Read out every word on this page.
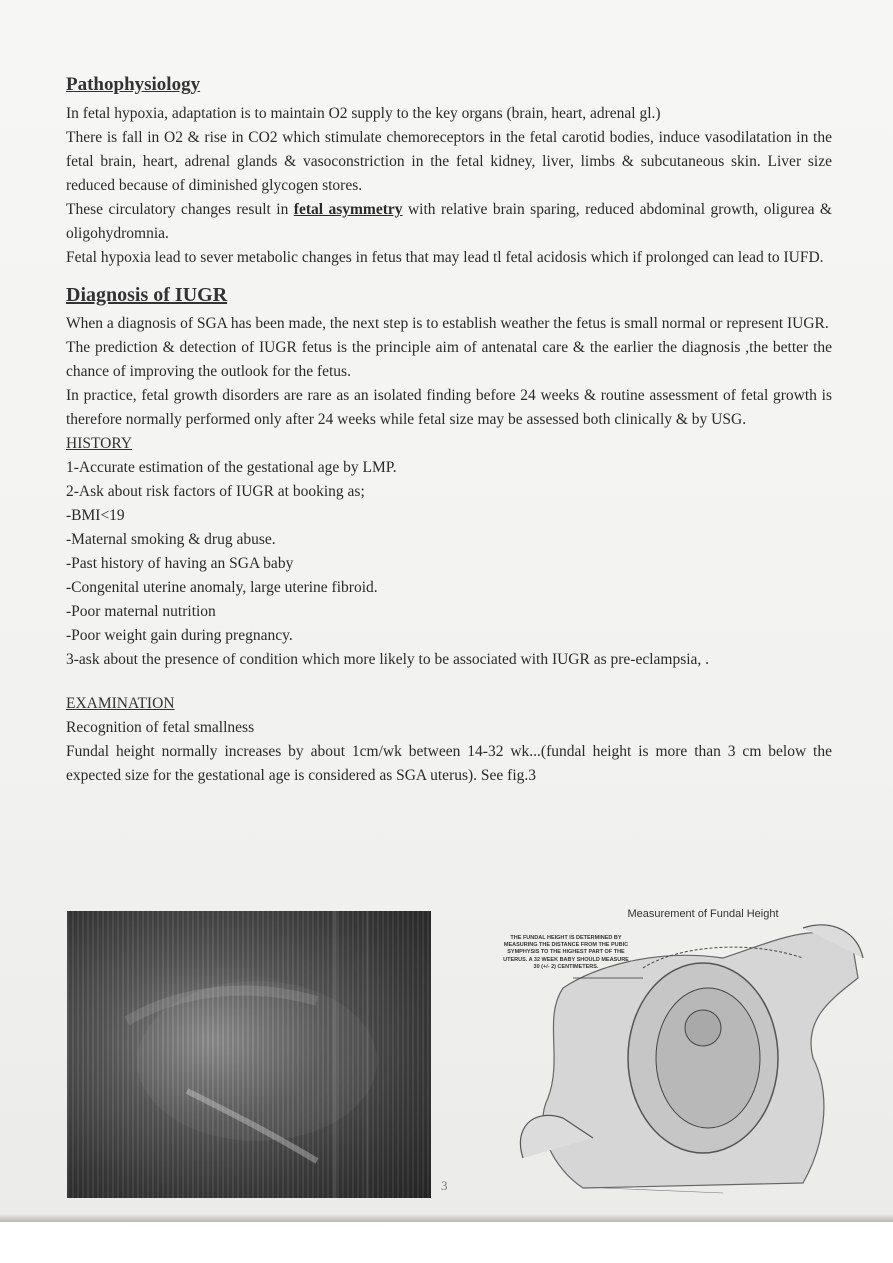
Pathophysiology

In fetal hypoxia, adaptation is to maintain O2 supply to the key organs (brain, heart, adrenal gl.)

There is fall in O2 & rise in CO2 which stimulate chemoreceptors in the fetal carotid bodies, induce vasodilatation in the fetal brain, heart, adrenal glands & vasoconstriction in the fetal kidney, liver, limbs & subcutaneous skin. Liver size reduced because of diminished glycogen stores.

These circulatory changes result in fetal asymmetry with relative brain sparing, reduced abdominal growth, oligurea & oligohydromnia.

Fetal hypoxia lead to sever metabolic changes in fetus that may lead tl fetal acidosis which if prolonged can lead to IUFD.

Diagnosis of IUGR

When a diagnosis of SGA has been made, the next step is to establish weather the fetus is small normal or represent IUGR.

The prediction & detection of IUGR fetus is the principle aim of antenatal care & the earlier the diagnosis ,the better the chance of improving the outlook for the fetus.

In practice, fetal growth disorders are rare as an isolated finding before 24 weeks & routine assessment of fetal growth is therefore normally performed only after 24 weeks while fetal size may be assessed both clinically & by USG.

HISTORY
1-Accurate estimation of the gestational age by LMP.
2-Ask about risk factors of IUGR at booking as;
-BMI<19
-Maternal smoking & drug abuse.
-Past history of having an SGA baby
-Congenital uterine anomaly, large uterine fibroid.
-Poor maternal nutrition
-Poor weight gain during pregnancy.
3-ask about the presence of condition which more likely to be associated with IUGR as pre-eclampsia, .
EXAMINATION
Recognition of fetal smallness

Fundal height normally increases by about 1cm/wk between 14-32 wk...(fundal height is more than 3 cm below the expected size for the gestational age is considered as SGA uterus). See fig.3

Measurement of Fundal Height
THE FUNDAL HEIGHT IS DETERMINED BY MEASURING THE DISTANCE FROM THE PUBIC SYMPHYSIS TO THE HIGHEST PART OF THE UTERUS. A 32 WEEK BABY SHOULD MEASURE 30 (+/- 2) CENTIMETERS.
3
